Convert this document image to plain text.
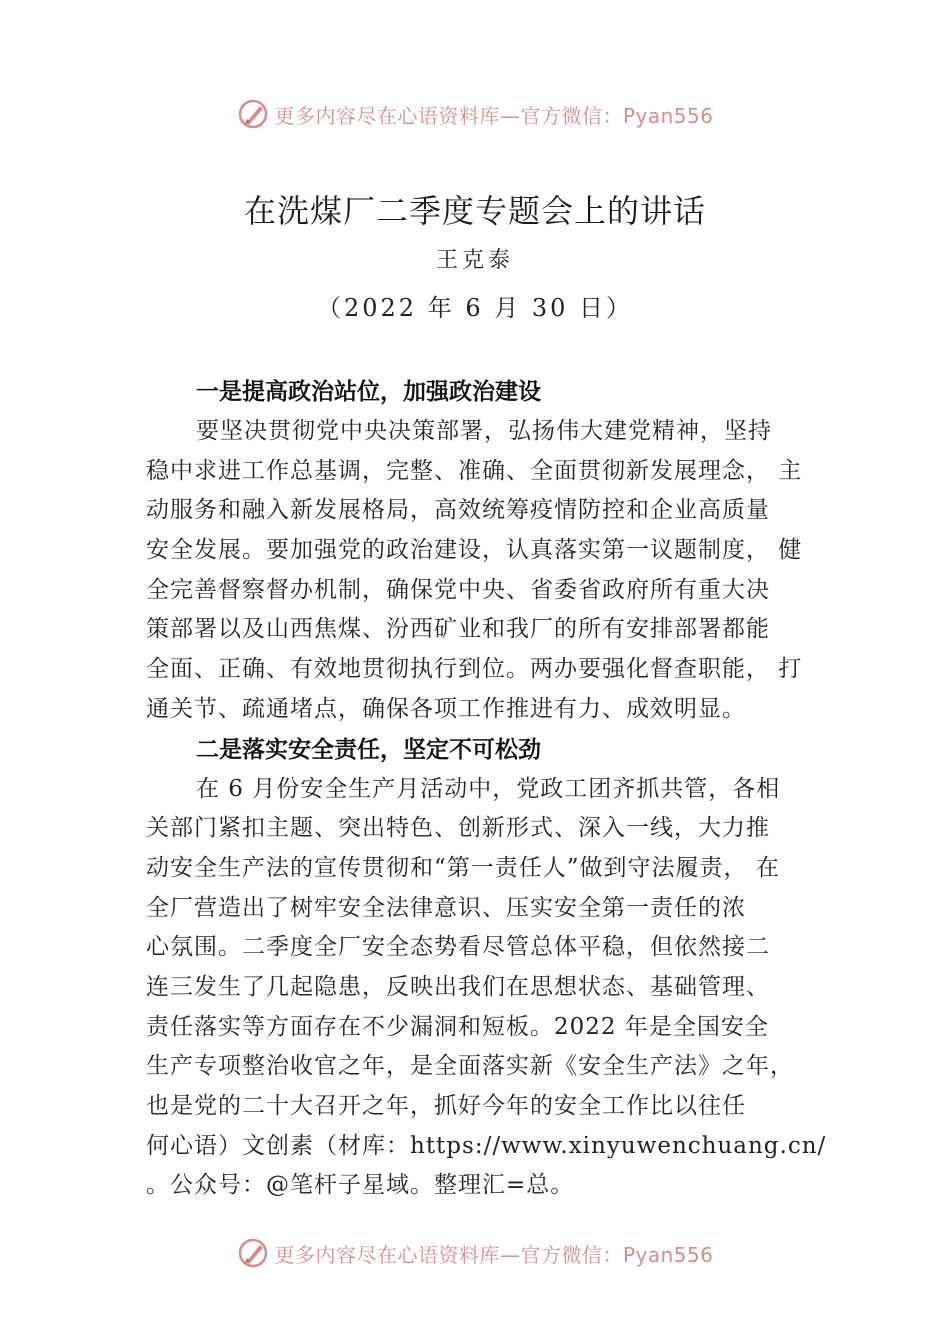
更多内容尽在心语资料库—官方微信：Pyan556
在洗煤厂二季度专题会上的讲话
王克泰
（2022 年 6 月 30 日）

一是提高政治站位，加强政治建设

要坚决贯彻党中央决策部署，弘扬伟大建党精神，坚持

稳中求进工作总基调，完整、准确、全面贯彻新发展理念， 主

动服务和融入新发展格局，高效统筹疫情防控和企业高质量

安全发展。要加强党的政治建设，认真落实第一议题制度， 健

全完善督察督办机制，确保党中央、省委省政府所有重大决

策部署以及山西焦煤、汾西矿业和我厂的所有安排部署都能

全面、正确、有效地贯彻执行到位。两办要强化督查职能， 打

通关节、疏通堵点，确保各项工作推进有力、成效明显。

二是落实安全责任，坚定不可松劲

在 6 月份安全生产月活动中，党政工团齐抓共管，各相

关部门紧扣主题、突出特色、创新形式、深入一线，大力推

动安全生产法的宣传贯彻和“第一责任人”做到守法履责， 在

全厂营造出了树牢安全法律意识、压实安全第一责任的浓

心氛围。二季度全厂安全态势看尽管总体平稳，但依然接二

连三发生了几起隐患，反映出我们在思想状态、基础管理、

责任落实等方面存在不少漏洞和短板。2022 年是全国安全

生产专项整治收官之年，是全面落实新《安全生产法》之年，

也是党的二十大召开之年，抓好今年的安全工作比以往任

何心语）文创素（材库：https://www.xinyuwenchuang.cn/

。公众号：@笔杆子星域。整理汇=总。

更多内容尽在心语资料库—官方微信：Pyan556
